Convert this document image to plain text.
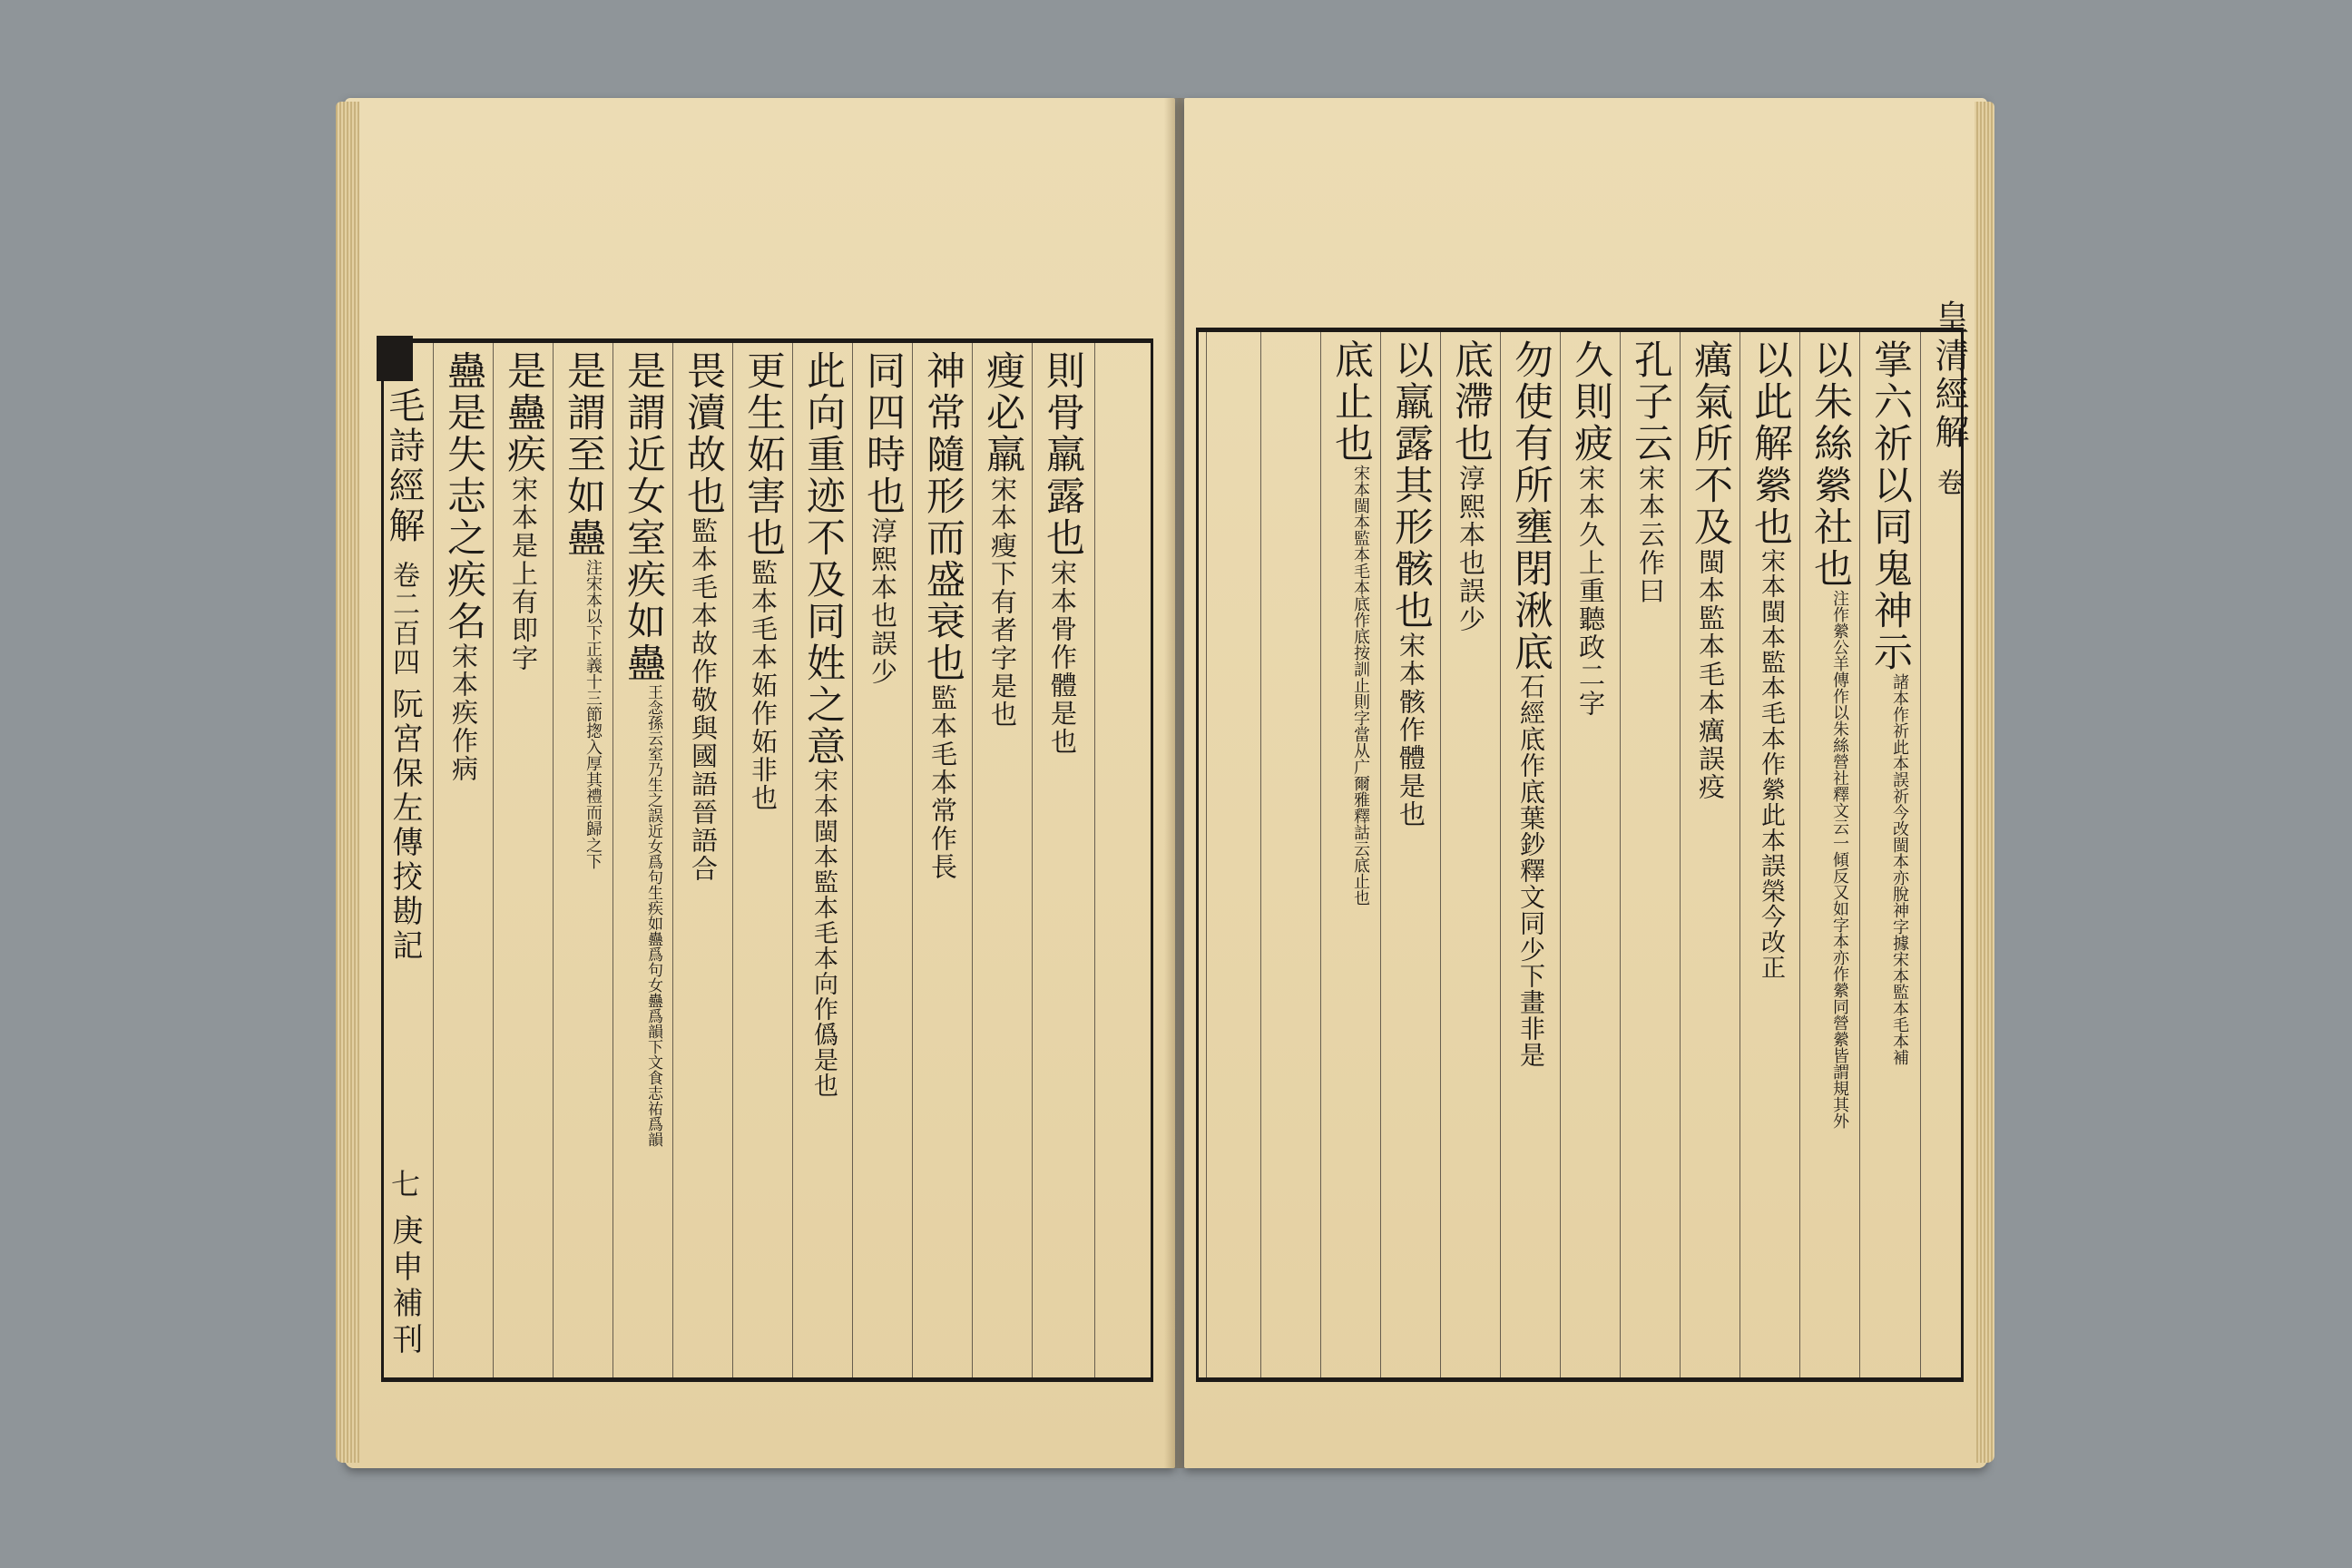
則骨羸露也宋本骨作體是也
瘦必羸宋本瘦下有者字是也
神常隨形而盛衰也監本毛本常作長
同四時也淳熙本也誤少
此向重迹不及同姓之意宋本閩本監本毛本向作僞是也
更生妬害也監本毛本妬作妬非也
畏瀆故也監本毛本故作敬與國語晉語合
是謂近女室疾如蠱王念孫云室乃生之誤近女爲句生疾如蠱爲句女蠱爲韻下文食志祐爲韻
是謂至如蠱注宋本以下正義十三節揔入厚其禮而歸之下
是蠱疾宋本是上有即字
蠱是失志之疾名宋本疾作病
毛詩經解
卷二百四
阮宮保左傳挍勘記
七
庚申補刊
皇清經解
卷
掌六祈以同鬼神示諸本作祈此本誤祈今改閩本亦脫神字據宋本監本毛本補
以朱絲縈社也注作縈公羊傳作以朱絲營社釋文云一傾反又如字本亦作縈同營縈皆謂規其外
以此解縈也宋本閩本監本毛本作縈此本誤榮今改正
癘氣所不及閩本監本毛本癘誤疫
孔子云宋本云作曰
久則疲宋本久上重聽政二字
勿使有所壅閉湫底石經底作底葉鈔釋文同少下畫非是
底滯也淳熙本也誤少
以羸露其形骸也宋本骸作體是也
底止也宋本閩本監本毛本底作底按訓止則字當从广爾雅釋詁云底止也
